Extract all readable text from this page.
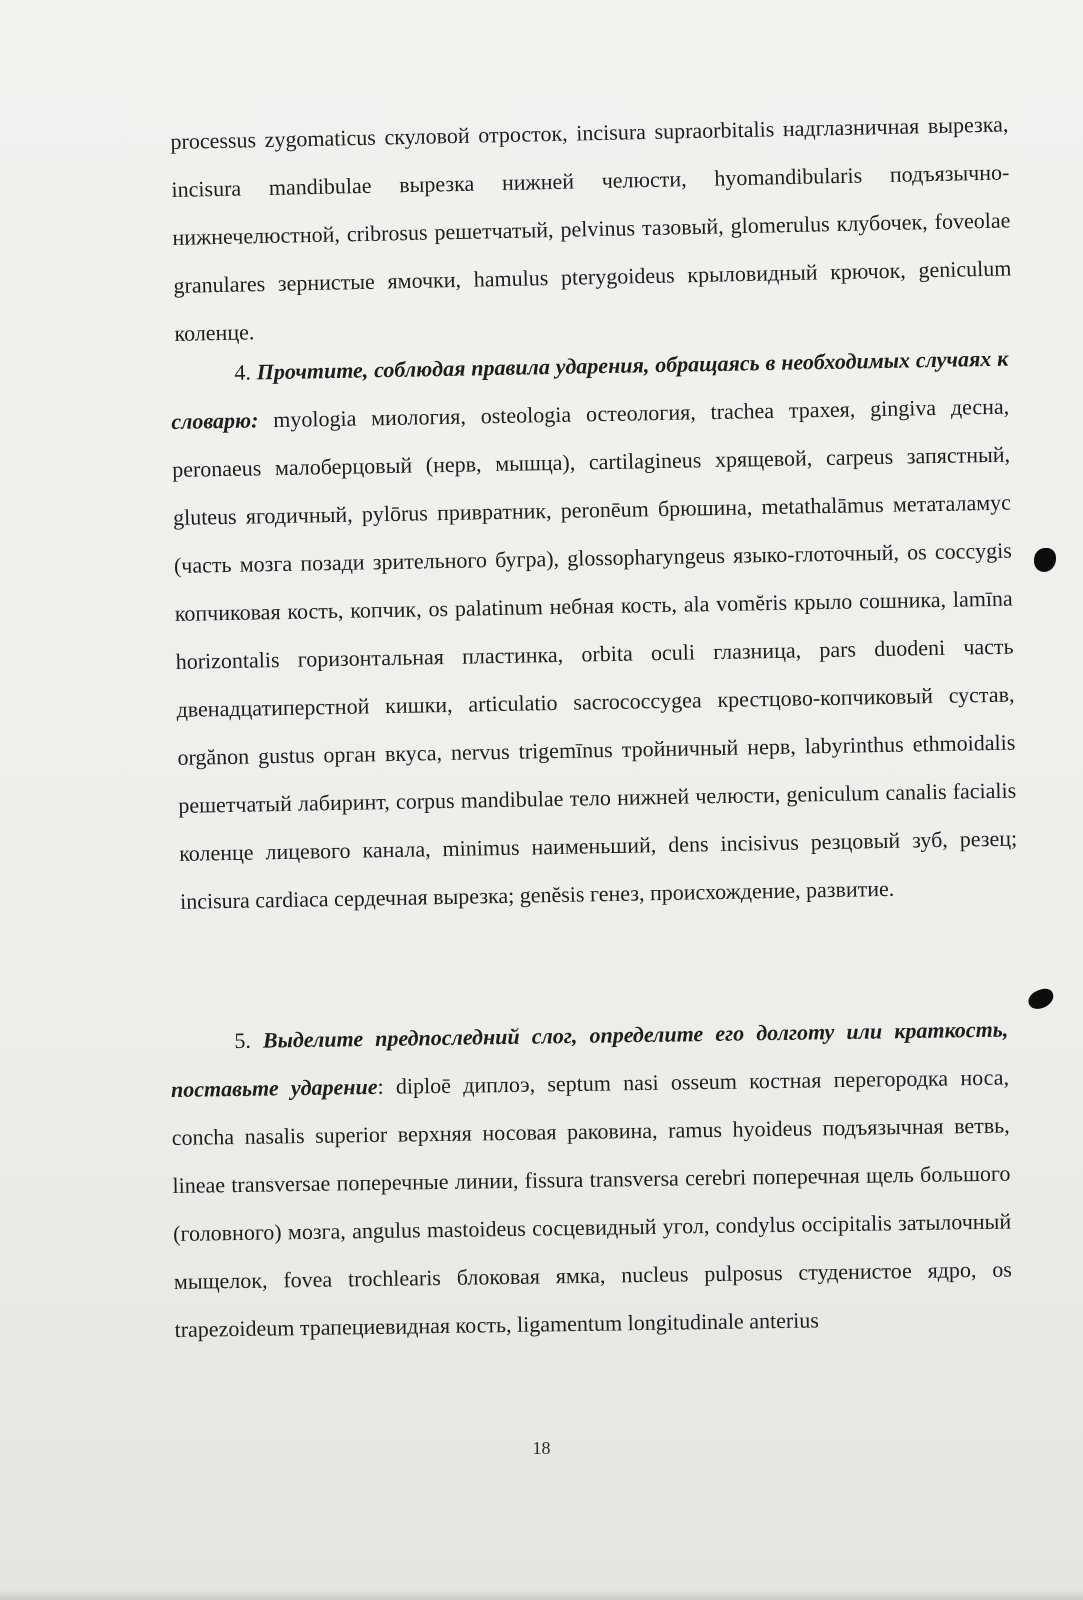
processus zygomaticus скуловой отросток, incisura supraorbitalis надглазничная вырезка, incisura mandibulae вырезка нижней челюсти, hyomandibularis подъязычно- нижнечелюстной, cribrosus решетчатый, pelvinus тазовый, glomerulus клубочек, foveolae granulares зернистые ямочки, hamulus pterygoideus крыловидный крючок, geniculum коленце.

4. Прочтите, соблюдая правила ударения, обращаясь в необходимых случаях к словарю: myologia миология, osteologia остеология, trachea трахея, gingiva десна, peronaeus малоберцовый (нерв, мышца), cartilagineus хрящевой, carpeus запястный, gluteus ягодичный, pylōrus привратник, peronēum брюшина, metathalāmus метаталамус (часть мозга позади зрительного бугра), glossopharyngeus языко-глоточный, os coccygis копчиковая кость, копчик, os palatinum небная кость, ala vomĕris крыло сошника, lamīna horizontalis горизонтальная пластинка, orbita oculi глазница, pars duodeni часть двенадцатиперстной кишки, articulatio sacrococcygea крестцово-копчиковый сустав, orgănon gustus орган вкуса, nervus trigemīnus тройничный нерв, labyrinthus ethmoidalis решетчатый лабиринт, corpus mandibulae тело нижней челюсти, geniculum canalis facialis коленце лицевого канала, minimus наименьший, dens incisivus резцовый зуб, резец; incisura cardiaca сердечная вырезка; genĕsis генез, происхождение, развитие.

5. Выделите предпоследний слог, определите его долготу или краткость, поставьте ударение: diploē диплоэ, septum nasi osseum костная перегородка носа, concha nasalis superior верхняя носовая раковина, ramus hyoideus подъязычная ветвь, lineae transversae поперечные линии, fissura transversa cerebri поперечная щель большого (головного) мозга, angulus mastoideus сосцевидный угол, condylus occipitalis затылочный мыщелок, fovea trochlearis блоковая ямка, nucleus pulposus студенистое ядро, os trapezoideum трапециевидная кость, ligamentum longitudinale anterius

18
